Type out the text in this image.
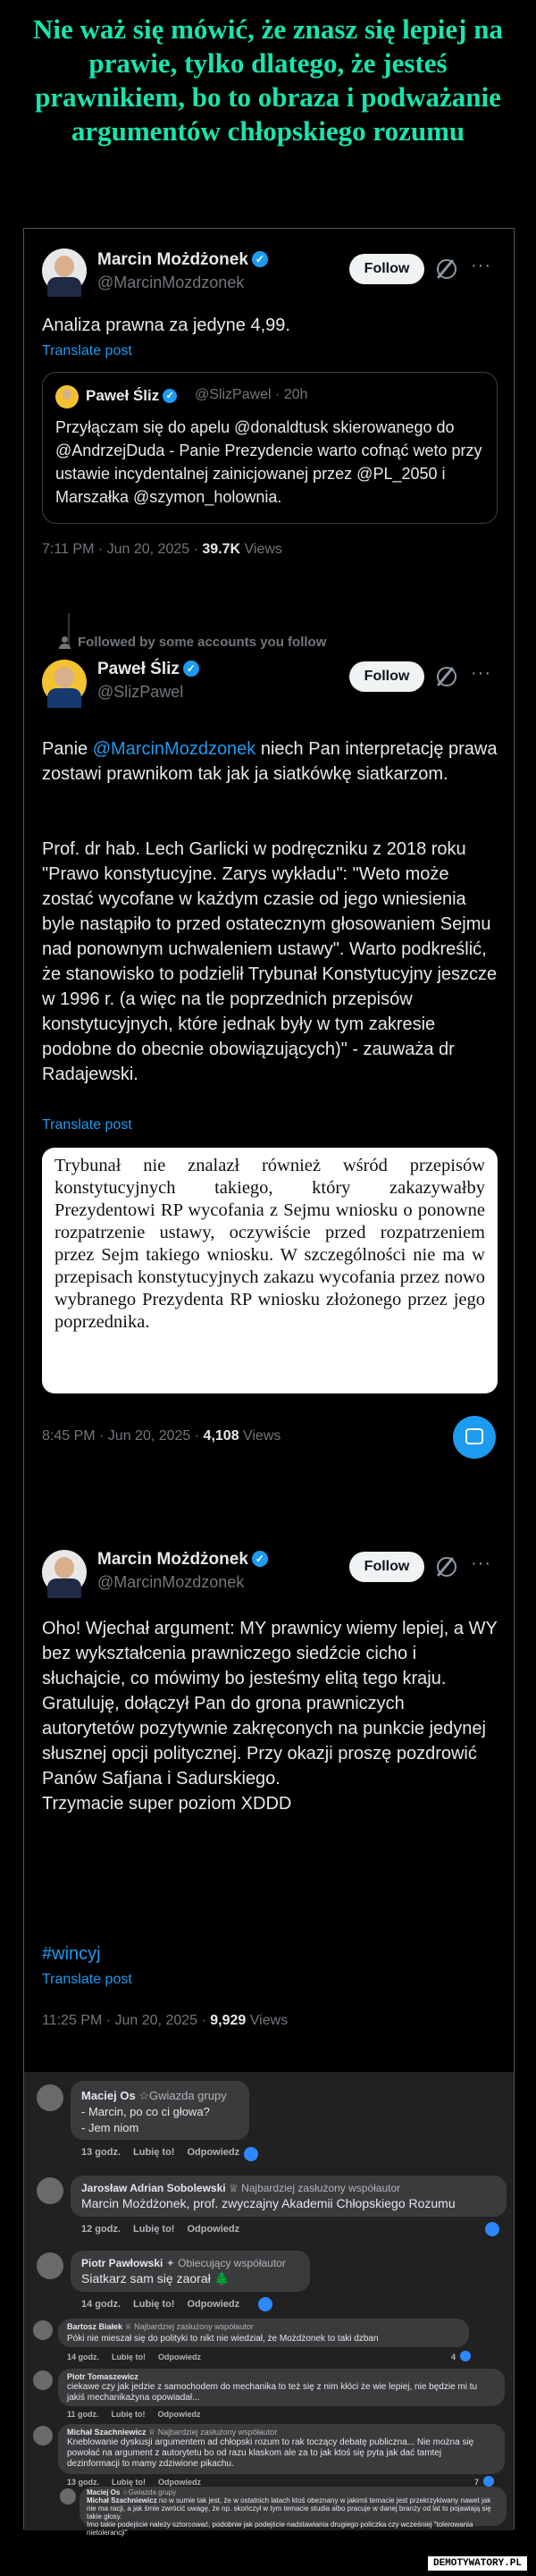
Nie waż się mówić, że znasz się lepiej na prawie, tylko dlatego, że jesteś prawnikiem, bo to obraza i podważanie argumentów chłopskiego rozumu
Marcin Możdżonek ✓
@MarcinMozdzonek
Follow	···
Analiza prawna za jedyne 4,99.
Translate post
Paweł Śliz ✓ @SlizPawel · 20h
Przyłączam się do apelu @donaldtusk skierowanego do @AndrzejDuda - Panie Prezydencie warto cofnąć weto przy ustawie incydentalnej zainicjowanej przez @PL_2050 i Marszałka @szymon_holownia.
7:11 PM · Jun 20, 2025 · 39.7K Views
Followed by some accounts you follow
Paweł Śliz ✓
@SlizPawel
Follow	···
Panie @MarcinMozdzonek niech Pan interpretację prawa zostawi prawnikom tak jak ja siatkówkę siatkarzom.
Prof. dr hab. Lech Garlicki w podręczniku z 2018 roku "Prawo konstytucyjne. Zarys wykładu": "Weto może zostać wycofane w każdym czasie od jego wniesienia byle nastąpiło to przed ostatecznym głosowaniem Sejmu nad ponownym uchwaleniem ustawy". Warto podkreślić, że stanowisko to podzielił Trybunał Konstytucyjny jeszcze w 1996 r. (a więc na tle poprzednich przepisów konstytucyjnych, które jednak były w tym zakresie podobne do obecnie obowiązujących)" - zauważa dr Radajewski.
Translate post
Trybunał nie znalazł również wśród przepisów konstytucyjnych takiego, który zakazywałby Prezydentowi RP wycofania z Sejmu wniosku o ponowne rozpatrzenie ustawy, oczywiście przed rozpatrzeniem przez Sejm takiego wniosku. W szczególności nie ma w przepisach konstytucyjnych zakazu wycofania przez nowo wybranego Prezydenta RP wniosku złożonego przez jego poprzednika.
8:45 PM · Jun 20, 2025 · 4,108 Views
Marcin Możdżonek ✓
@MarcinMozdzonek
Follow	···
Oho! Wjechał argument: MY prawnicy wiemy lepiej, a WY bez wykształcenia prawniczego siedźcie cicho i słuchajcie, co mówimy bo jesteśmy elitą tego kraju.
Gratuluję, dołączył Pan do grona prawniczych autorytetów pozytywnie zakręconych na punkcie jedynej słusznej opcji politycznej. Przy okazji proszę pozdrowić Panów Safjana i Sadurskiego.
Trzymacie super poziom XDDD
#wincyj
Translate post
11:25 PM · Jun 20, 2025 · 9,929 Views
Maciej Os ☆Gwiazda grupy
- Marcin, po co ci głowa?
- Jem niom
13 godz. Lubię to! Odpowiedz
Jarosław Adrian Sobolewski ♕ Najbardziej zasłużony współautor
Marcin Możdżonek, prof. zwyczajny Akademii Chłopskiego Rozumu
12 godz. Lubię to! Odpowiedz
Piotr Pawłowski ✦ Obiecujący współautor
Siatkarz sam się zaorał 🌲
14 godz. Lubię to! Odpowiedz
Bartosz Białek ♕ Najbardziej zasłużony współautor
Póki nie mieszał się do polityki to nikt nie wiedział, że Możdżonek to taki dzban
14 godz. Lubię to! Odpowiedz	4
Piotr Tomaszewicz
ciekawe czy jak jedzie z samochodem do mechanika to też się z nim kłóci że wie lepiej, nie będzie mi tu jakiś mechanikażyna opowiadał...
11 godz. Lubię to! Odpowiedz
Michał Szachniewicz ♕ Najbardziej zasłużony współautor
Kneblowanie dyskusji argumentem ad chłopski rozum to rak toczący debatę publiczna... Nie można się powołać na argument z autorytetu bo od razu klaskom ale za to jak ktoś się pyta jak dać tamtej dezinformacji to mamy zdziwione pikachu.
13 godz. Lubię to! Odpowiedz	7
Maciej Os ☆Gwiazda grupy
Michał Szachniewicz no w sumie tak jest, że w ostatnich latach ktoś obeznany w jakimś temacie jest przekrzykiwany nawet jak nie ma racji, a jak śmie zwrócić uwagę, że np. skończył w tym temacie studia albo pracuje w danej branży od lat to pojawiają się takie głosy.
Imo takie podejście należy sztorcować, podobnie jak podejście nadstawiania drugiego policzka czy wcześniej "tolerowania nietolerancji"
DEMOTYWATORY.PL
